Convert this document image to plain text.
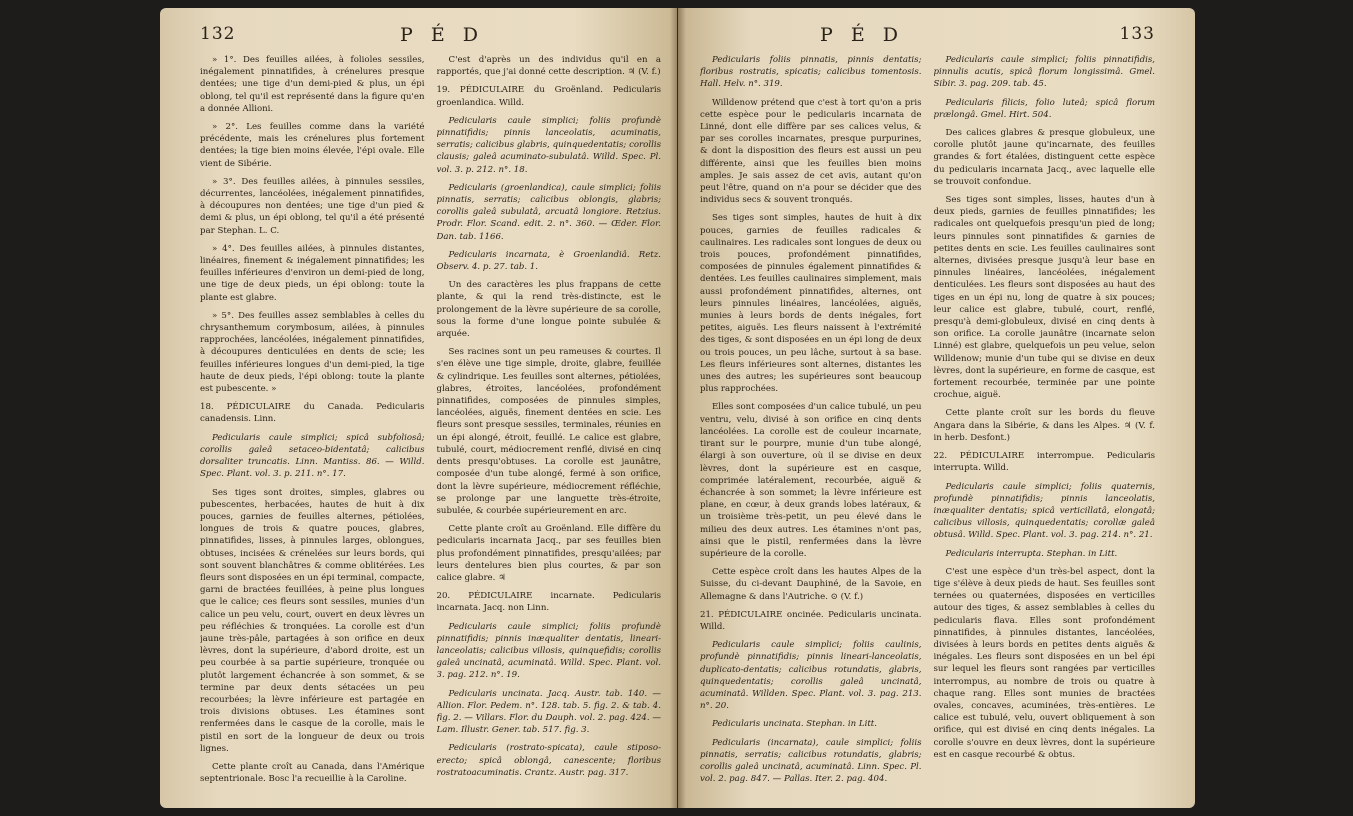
132	P É D

» 1°. Des feuilles ailées, à folioles sessiles, inégalement pinnatifides, à crénelures presque dentées; une tige d'un demi-pied & plus, un épi oblong, tel qu'il est représenté dans la figure qu'en a donnée Allioni.

» 2°. Les feuilles comme dans la variété précédente, mais les crénelures plus fortement dentées; la tige bien moins élevée, l'épi ovale. Elle vient de Sibérie.

» 3°. Des feuilles ailées, à pinnules sessiles, décurrentes, lancéolées, inégalement pinnatifides, à découpures non dentées; une tige d'un pied & demi & plus, un épi oblong, tel qu'il a été présenté par Stephan. L. C.

» 4°. Des feuilles ailées, à pinnules distantes, linéaires, finement & inégalement pinnatifides; les feuilles inférieures d'environ un demi-pied de long, une tige de deux pieds, un épi oblong: toute la plante est glabre.

» 5°. Des feuilles assez semblables à celles du chrysanthemum corymbosum, ailées, à pinnules rapprochées, lancéolées, inégalement pinnatifides, à découpures denticulées en dents de scie; les feuilles inférieures longues d'un demi-pied, la tige haute de deux pieds, l'épi oblong: toute la plante est pubescente. »

18. PÉDICULAIRE du Canada. Pedicularis canadensis. Linn.

Pedicularis caule simplici; spicâ subfoliosâ; corollis galeâ setaceo-bidentatâ; calicibus dorsaliter truncatis. Linn. Mantiss. 86. — Willd. Spec. Plant. vol. 3. p. 211. n°. 17.

Ses tiges sont droites, simples, glabres ou pubescentes, herbacées, hautes de huit à dix pouces, garnies de feuilles alternes, pétiolées, longues de trois & quatre pouces, glabres, pinnatifides, lisses, à pinnules larges, oblongues, obtuses, incisées & crénelées sur leurs bords, qui sont souvent blanchâtres & comme oblitérées. Les fleurs sont disposées en un épi terminal, compacte, garni de bractées feuillées, à peine plus longues que le calice; ces fleurs sont sessiles, munies d'un calice un peu velu, court, ouvert en deux lèvres un peu réfléchies & tronquées. La corolle est d'un jaune très-pâle, partagées à son orifice en deux lèvres, dont la supérieure, d'abord droite, est un peu courbée à sa partie supérieure, tronquée ou plutôt largement échancrée à son sommet, & se termine par deux dents sétacées un peu recourbées; la lèvre inférieure est partagée en trois divisions obtuses. Les étamines sont renfermées dans le casque de la corolle, mais le pistil en sort de la longueur de deux ou trois lignes.

Cette plante croît au Canada, dans l'Amérique septentrionale. Bosc l'a recueillie à la Caroline.

C'est d'après un des individus qu'il en a rapportés, que j'ai donné cette description. ♃ (V. f.)

19. PÉDICULAIRE du Groënland. Pedicularis groenlandica. Willd.

Pedicularis caule simplici; foliis profundè pinnatifidis; pinnis lanceolatis, acuminatis, serratis; calicibus glabris, quinquedentatis; corollis clausis; galeâ acuminato-subulatâ. Willd. Spec. Pl. vol. 3. p. 212. n°. 18.

Pedicularis (groenlandica), caule simplici; foliis pinnatis, serratis; calicibus oblongis, glabris; corollis galeâ subulatâ, arcuatâ longiore. Retzius. Prodr. Flor. Scand. edit. 2. n°. 360. — Œder. Flor. Dan. tab. 1166.

Pedicularis incarnata, è Groenlandiâ. Retz. Observ. 4. p. 27. tab. 1.

Un des caractères les plus frappans de cette plante, & qui la rend très-distincte, est le prolongement de la lèvre supérieure de sa corolle, sous la forme d'une longue pointe subulée & arquée.

Ses racines sont un peu rameuses & courtes. Il s'en élève une tige simple, droite, glabre, feuillée & cylindrique. Les feuilles sont alternes, pétiolées, glabres, étroites, lancéolées, profondément pinnatifides, composées de pinnules simples, lancéolées, aiguës, finement dentées en scie. Les fleurs sont presque sessiles, terminales, réunies en un épi alongé, étroit, feuillé. Le calice est glabre, tubulé, court, médiocrement renflé, divisé en cinq dents presqu'obtuses. La corolle est jaunâtre, composée d'un tube alongé, fermé à son orifice, dont la lèvre supérieure, médiocrement réfléchie, se prolonge par une languette très-étroite, subulée, & courbée supérieurement en arc.

Cette plante croît au Groënland. Elle diffère du pedicularis incarnata Jacq., par ses feuilles bien plus profondément pinnatifides, presqu'ailées; par leurs dentelures bien plus courtes, & par son calice glabre. ♃

20. PÉDICULAIRE incarnate. Pedicularis incarnata. Jacq. non Linn.

Pedicularis caule simplici; foliis profundè pinnatifidis; pinnis inæqualiter dentatis, lineari-lanceolatis; calicibus villosis, quinquefidis; corollis galeâ uncinatâ, acuminatâ. Willd. Spec. Plant. vol. 3. pag. 212. n°. 19.

Pedicularis uncinata. Jacq. Austr. tab. 140. — Allion. Flor. Pedem. n°. 128. tab. 5. fig. 2. & tab. 4. fig. 2. — Villars. Flor. du Dauph. vol. 2. pag. 424. — Lam. Illustr. Gener. tab. 517. fig. 3.

Pedicularis (rostrato-spicata), caule stiposo-erecto; spicâ oblongâ, canescente; floribus rostratoacuminatis. Crantz. Austr. pag. 317.

P É D	133

Pedicularis foliis pinnatis, pinnis dentatis; floribus rostratis, spicatis; calicibus tomentosis. Hall. Helv. n°. 319.

Willdenow prétend que c'est à tort qu'on a pris cette espèce pour le pedicularis incarnata de Linné, dont elle diffère par ses calices velus, & par ses corolles incarnates, presque purpurines, & dont la disposition des fleurs est aussi un peu différente, ainsi que les feuilles bien moins amples. Je sais assez de cet avis, autant qu'on peut l'être, quand on n'a pour se décider que des individus secs & souvent tronqués.

Ses tiges sont simples, hautes de huit à dix pouces, garnies de feuilles radicales & caulinaires. Les radicales sont longues de deux ou trois pouces, profondément pinnatifides, composées de pinnules également pinnatifides & dentées. Les feuilles caulinaires simplement, mais aussi profondément pinnatifides, alternes, ont leurs pinnules linéaires, lancéolées, aiguës, munies à leurs bords de dents inégales, fort petites, aiguës. Les fleurs naissent à l'extrémité des tiges, & sont disposées en un épi long de deux ou trois pouces, un peu lâche, surtout à sa base. Les fleurs inférieures sont alternes, distantes les unes des autres; les supérieures sont beaucoup plus rapprochées.

Elles sont composées d'un calice tubulé, un peu ventru, velu, divisé à son orifice en cinq dents lancéolées. La corolle est de couleur incarnate, tirant sur le pourpre, munie d'un tube alongé, élargi à son ouverture, où il se divise en deux lèvres, dont la supérieure est en casque, comprimée latéralement, recourbée, aiguë & échancrée à son sommet; la lèvre inférieure est plane, en cœur, à deux grands lobes latéraux, & un troisième très-petit, un peu élevé dans le milieu des deux autres. Les étamines n'ont pas, ainsi que le pistil, renfermées dans la lèvre supérieure de la corolle.

Cette espèce croît dans les hautes Alpes de la Suisse, du ci-devant Dauphiné, de la Savoie, en Allemagne & dans l'Autriche. ⊙ (V. f.)

21. PÉDICULAIRE oncinée. Pedicularis uncinata. Willd.

Pedicularis caule simplici; foliis caulinis, profundè pinnatifidis; pinnis lineari-lanceolatis, duplicato-dentatis; calicibus rotundatis, glabris, quinquedentatis; corollis galeâ uncinatâ, acuminatâ. Willden. Spec. Plant. vol. 3. pag. 213. n°. 20.

Pedicularis uncinata. Stephan. in Litt.

Pedicularis (incarnata), caule simplici; foliis pinnatis, serratis; calicibus rotundatis, glabris; corollis galeâ uncinatâ, acuminatâ. Linn. Spec. Pl. vol. 2. pag. 847. — Pallas. Iter. 2. pag. 404.

Pedicularis caule simplici; foliis pinnatifidis, pinnulis acutis, spicâ florum longissimâ. Gmel. Sibir. 3. pag. 209. tab. 45.

Pedicularis filicis, folio luteâ; spicâ florum prælongâ. Gmel. Hirt. 504.

Des calices glabres & presque globuleux, une corolle plutôt jaune qu'incarnate, des feuilles grandes & fort étalées, distinguent cette espèce du pedicularis incarnata Jacq., avec laquelle elle se trouvoit confondue.

Ses tiges sont simples, lisses, hautes d'un à deux pieds, garnies de feuilles pinnatifides; les radicales ont quelquefois presqu'un pied de long; leurs pinnules sont pinnatifides & garnies de petites dents en scie. Les feuilles caulinaires sont alternes, divisées presque jusqu'à leur base en pinnules linéaires, lancéolées, inégalement denticulées. Les fleurs sont disposées au haut des tiges en un épi nu, long de quatre à six pouces; leur calice est glabre, tubulé, court, renflé, presqu'à demi-globuleux, divisé en cinq dents à son orifice. La corolle jaunâtre (incarnate selon Linné) est glabre, quelquefois un peu velue, selon Willdenow; munie d'un tube qui se divise en deux lèvres, dont la supérieure, en forme de casque, est fortement recourbée, terminée par une pointe crochue, aiguë.

Cette plante croît sur les bords du fleuve Angara dans la Sibérie, & dans les Alpes. ♃ (V. f. in herb. Desfont.)

22. PÉDICULAIRE interrompue. Pedicularis interrupta. Willd.

Pedicularis caule simplici; foliis quaternis, profundè pinnatifidis; pinnis lanceolatis, inæqualiter dentatis; spicâ verticillatâ, elongatâ; calicibus villosis, quinquedentatis; corollæ galeâ obtusâ. Willd. Spec. Plant. vol. 3. pag. 214. n°. 21.

Pedicularis interrupta. Stephan. in Litt.

C'est une espèce d'un très-bel aspect, dont la tige s'élève à deux pieds de haut. Ses feuilles sont ternées ou quaternées, disposées en verticilles autour des tiges, & assez semblables à celles du pedicularis flava. Elles sont profondément pinnatifides, à pinnules distantes, lancéolées, divisées à leurs bords en petites dents aiguës & inégales. Les fleurs sont disposées en un bel épi sur lequel les fleurs sont rangées par verticilles interrompus, au nombre de trois ou quatre à chaque rang. Elles sont munies de bractées ovales, concaves, acuminées, très-entières. Le calice est tubulé, velu, ouvert obliquement à son orifice, qui est divisé en cinq dents inégales. La corolle s'ouvre en deux lèvres, dont la supérieure est en casque recourbé & obtus.
